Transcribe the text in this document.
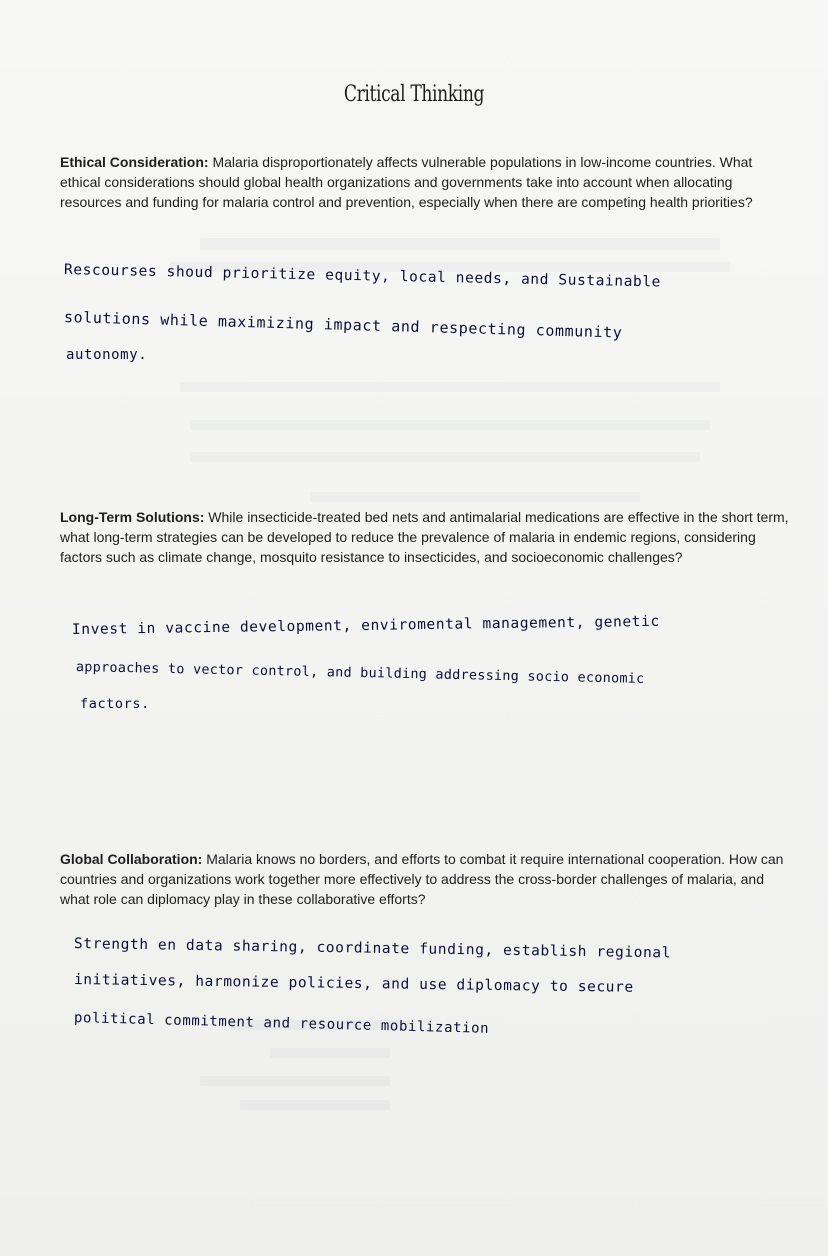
Critical Thinking
Ethical Consideration: Malaria disproportionately affects vulnerable populations in low-income countries. What ethical considerations should global health organizations and governments take into account when allocating resources and funding for malaria control and prevention, especially when there are competing health priorities?
Rescourses shoud prioritize equity, local needs, and Sustainable
solutions while maximizing impact and respecting community
autonomy.
Long-Term Solutions: While insecticide-treated bed nets and antimalarial medications are effective in the short term, what long-term strategies can be developed to reduce the prevalence of malaria in endemic regions, considering factors such as climate change, mosquito resistance to insecticides, and socioeconomic challenges?
Invest in vaccine development, enviromental management, genetic
approaches to vector control, and building addressing socio economic
factors.
Global Collaboration: Malaria knows no borders, and efforts to combat it require international cooperation. How can countries and organizations work together more effectively to address the cross-border challenges of malaria, and what role can diplomacy play in these collaborative efforts?
Strength en data sharing, coordinate funding, establish regional
initiatives, harmonize policies, and use diplomacy to secure
political commitment and resource mobilization
